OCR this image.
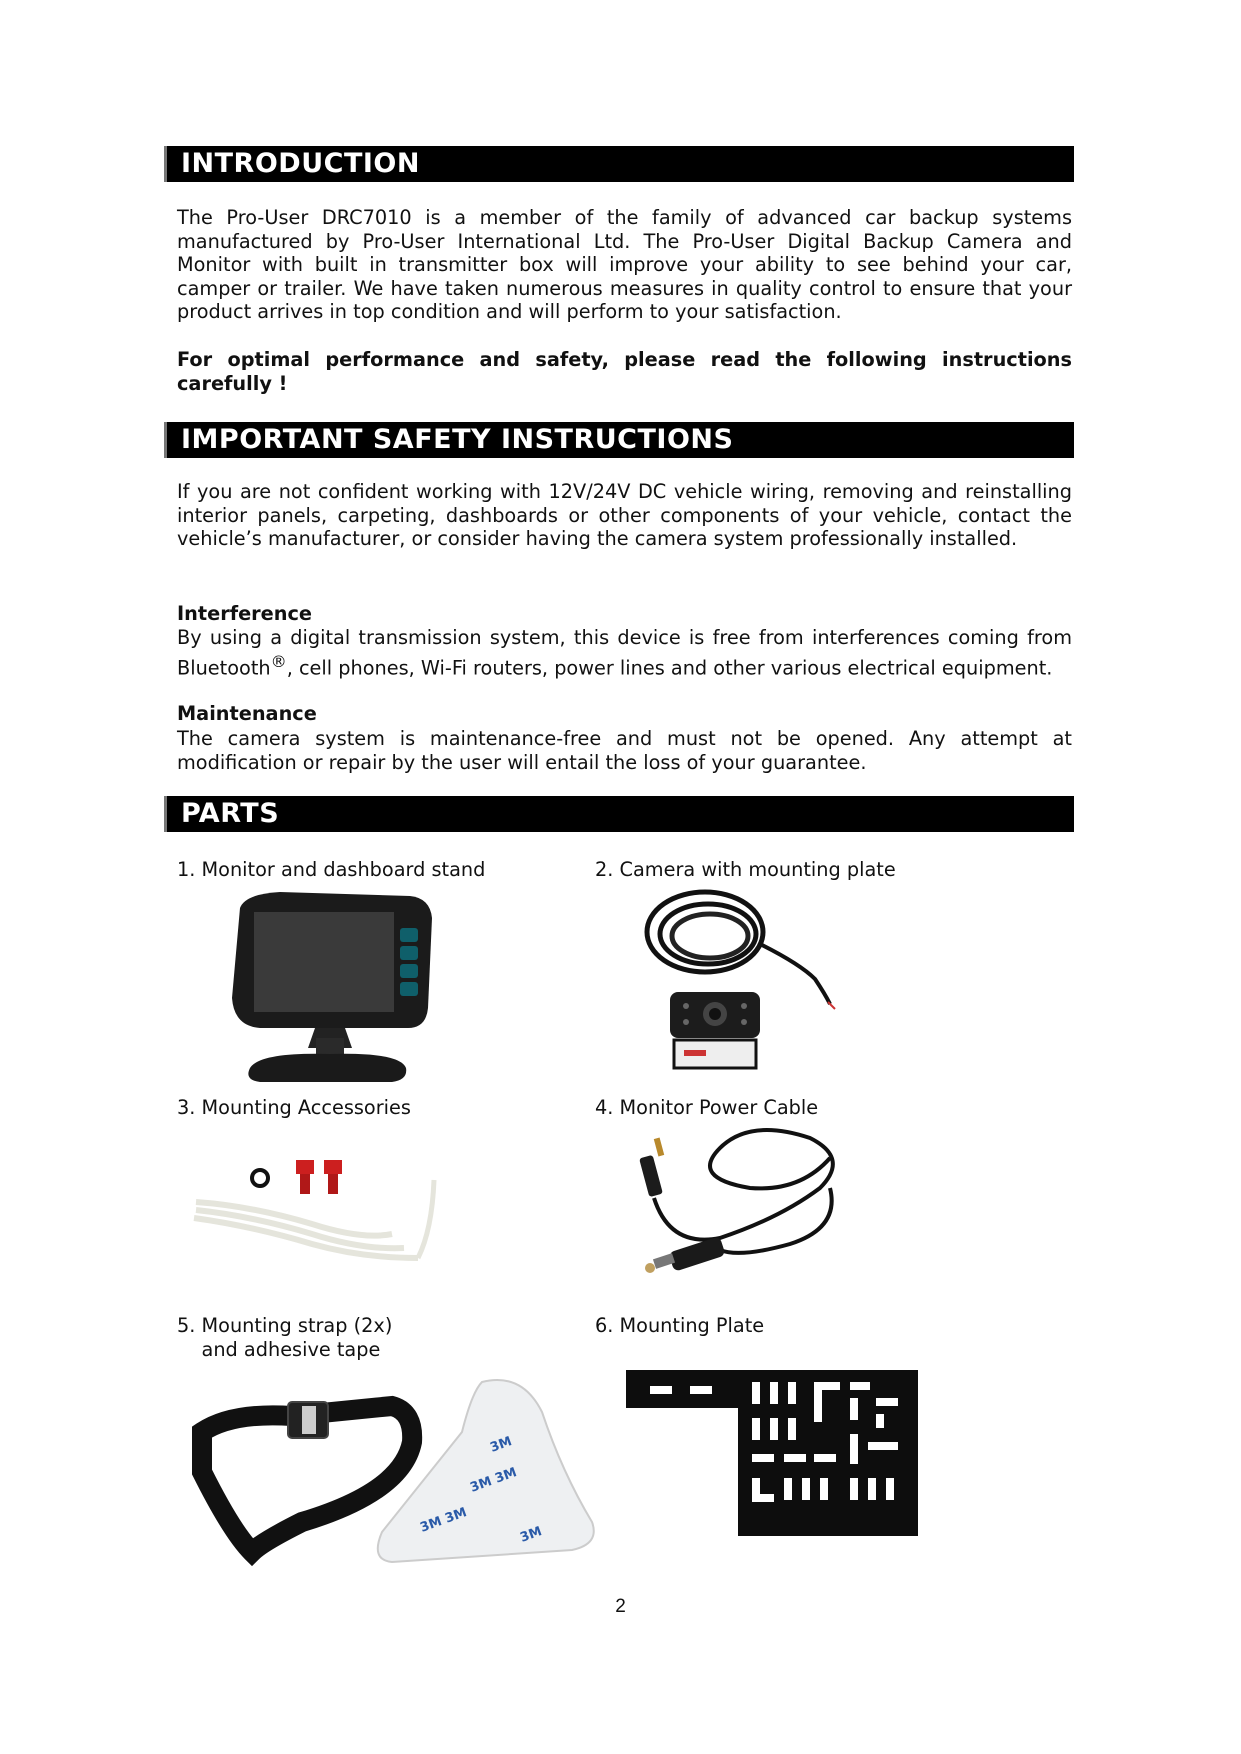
INTRODUCTION
The Pro-User DRC7010 is a member of the family of advanced car backup systems manufactured by Pro-User International Ltd. The Pro-User Digital Backup Camera and Monitor with built in transmitter box will improve your ability to see behind your car, camper or trailer. We have taken numerous measures in quality control to ensure that your product arrives in top condition and will perform to your satisfaction.
For optimal performance and safety, please read the following instructions carefully !
IMPORTANT SAFETY INSTRUCTIONS
If you are not confident working with 12V/24V DC vehicle wiring, removing and reinstalling interior panels, carpeting, dashboards or other components of your vehicle, contact the vehicle’s manufacturer, or consider having the camera system professionally installed.
Interference
By using a digital transmission system, this device is free from interferences coming from Bluetooth®, cell phones, Wi-Fi routers, power lines and other various electrical equipment.
Maintenance
The camera system is maintenance-free and must not be opened. Any attempt at modification or repair by the user will entail the loss of your guarantee.
PARTS
1. Monitor and dashboard stand	2. Camera with mounting plate
3. Mounting Accessories	4. Monitor Power Cable
5. Mounting strap (2x)
and adhesive tape
6. Mounting Plate
3M 3M
3M 3M
3M
3M
2
